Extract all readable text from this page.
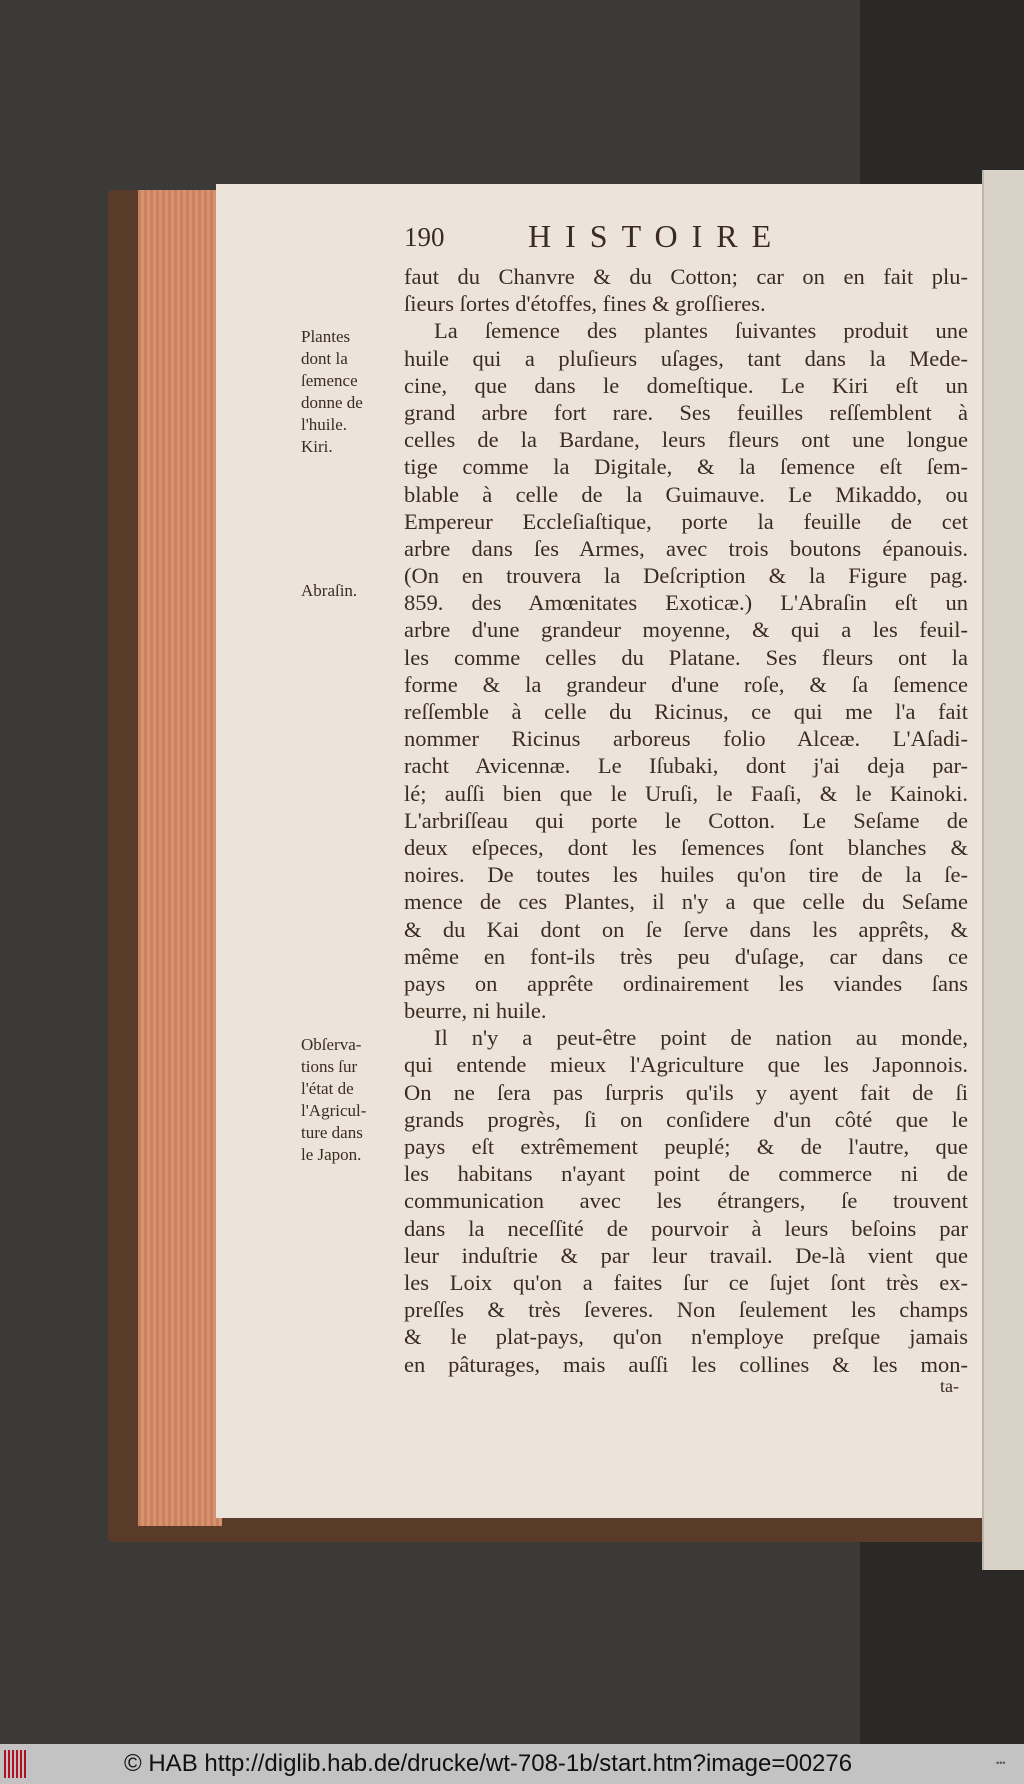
190	HISTOIRE
faut du Chanvre & du Cotton; car on en fait plu-
ſieurs ſortes d'étoffes, fines & groſſieres.
La ſemence des plantes ſuivantes produit une
huile qui a pluſieurs uſages, tant dans la Mede-
cine, que dans le domeſtique. Le Kiri eſt un
grand arbre fort rare. Ses feuilles reſſemblent à
celles de la Bardane, leurs fleurs ont une longue
tige comme la Digitale, & la ſemence eſt ſem-
blable à celle de la Guimauve. Le Mikaddo, ou
Empereur Eccleſiaſtique, porte la feuille de cet
arbre dans ſes Armes, avec trois boutons épanouis.
(On en trouvera la Deſcription & la Figure pag.
859. des Amœnitates Exoticæ.) L'Abraſin eſt un
arbre d'une grandeur moyenne, & qui a les feuil-
les comme celles du Platane. Ses fleurs ont la
forme & la grandeur d'une roſe, & ſa ſemence
reſſemble à celle du Ricinus, ce qui me l'a fait
nommer Ricinus arboreus folio Alceæ. L'Aſadi-
racht Avicennæ. Le Iſubaki, dont j'ai deja par-
lé; auſſi bien que le Uruſi, le Faaſi, & le Kainoki.
L'arbriſſeau qui porte le Cotton. Le Seſame de
deux eſpeces, dont les ſemences ſont blanches &
noires. De toutes les huiles qu'on tire de la ſe-
mence de ces Plantes, il n'y a que celle du Seſame
& du Kai dont on ſe ſerve dans les apprêts, &
même en font-ils très peu d'uſage, car dans ce
pays on apprête ordinairement les viandes ſans
beurre, ni huile.
Il n'y a peut-être point de nation au monde,
qui entende mieux l'Agriculture que les Japonnois.
On ne ſera pas ſurpris qu'ils y ayent fait de ſi
grands progrès, ſi on conſidere d'un côté que le
pays eſt extrêmement peuplé; & de l'autre, que
les habitans n'ayant point de commerce ni de
communication avec les étrangers, ſe trouvent
dans la neceſſité de pourvoir à leurs beſoins par
leur induſtrie & par leur travail. De-là vient que
les Loix qu'on a faites ſur ce ſujet ſont très ex-
preſſes & très ſeveres. Non ſeulement les champs
& le plat-pays, qu'on n'employe preſque jamais
en pâturages, mais auſſi les collines & les mon-
ta-
Plantes
dont la
ſemence
donne de
l'huile.
Kiri.
Abraſin.
Obſerva-
tions ſur
l'état de
l'Agricul-
ture dans
le Japon.
© HAB http://diglib.hab.de/drucke/wt-708-1b/start.htm?image=00276	•••
